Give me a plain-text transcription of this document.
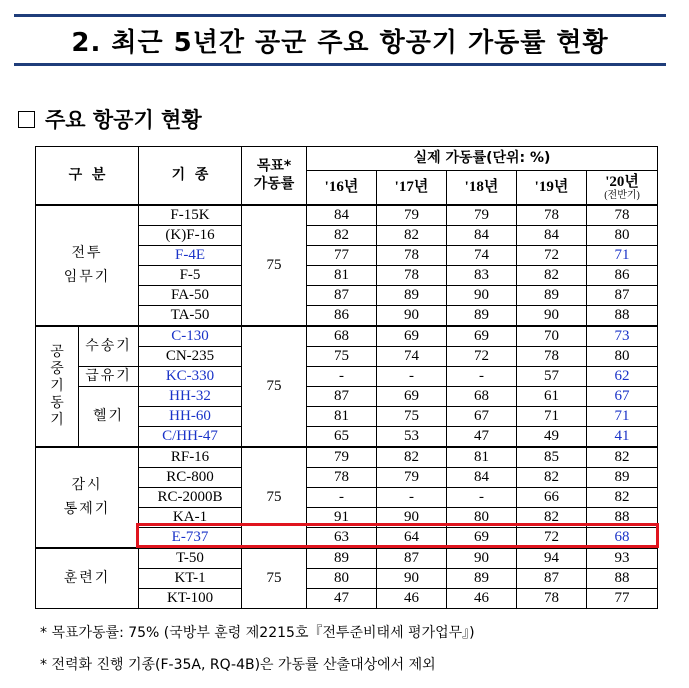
2. 최근 5년간 공군 주요 항공기 가동률 현황
주요 항공기 현황
구  분		기  종	목표*
가동률	실제 가동률(단위: %)				
				'16년	'17년	'18년	'19년	'20년
(전반기)

전투
임무기		F-15K	75	84	79	79	78	78
		(K)F-16		82	82	84	84	80
		F-4E		77	78	74	72	71
		F-5		81	78	83	82	86
		FA-50		87	89	90	89	87
		TA-50		86	90	89	90	88
공중기동기	수송기	C-130	75	68	69	69	70	73
		CN-235		75	74	72	78	80
	급유기	KC-330		-	-	-	57	62
	헬기	HH-32		87	69	68	61	67
		HH-60		81	75	67	71	71
		C/HH-47		65	53	47	49	41
감시
통제기		RF-16	75	79	82	81	85	82
		RC-800		78	79	84	82	89
		RC-2000B		-	-	-	66	82
		KA-1		91	90	80	82	88
		E-737		63	64	69	72	68
훈련기		T-50	75	89	87	90	94	93
		KT-1		80	90	89	87	88
		KT-100		47	46	46	78	77
* 목표가동률: 75% (국방부 훈령 제2215호『전투준비태세 평가업무』)
* 전력화 진행 기종(F-35A, RQ-4B)은 가동률 산출대상에서 제외
